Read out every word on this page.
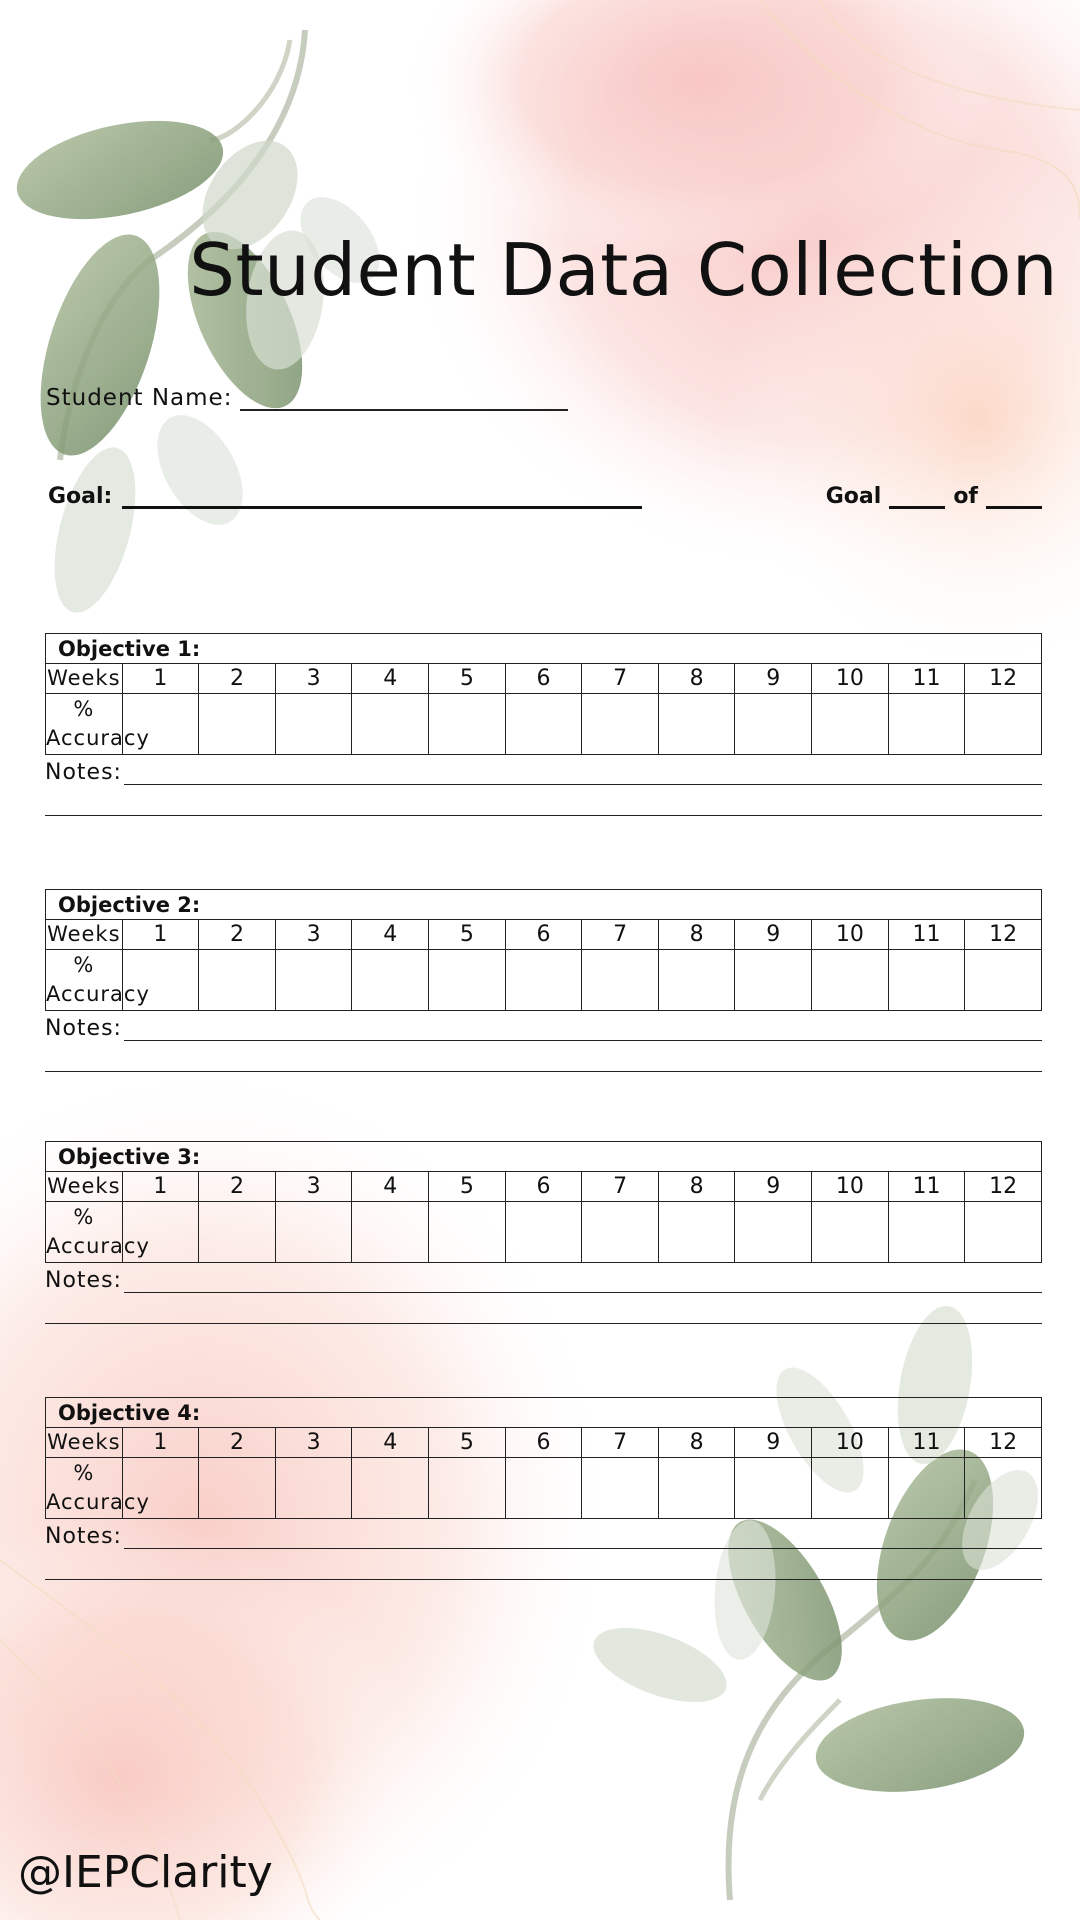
Student Data Collection
Student Name:
Goal:	Goal	of
Objective 1:												
Weeks	1	2	3	4	5	6	7	8	9	10	11	12
%
Accuracy												
Notes:
Objective 2:												
Weeks	1	2	3	4	5	6	7	8	9	10	11	12
%
Accuracy												
Notes:
Objective 3:												
Weeks	1	2	3	4	5	6	7	8	9	10	11	12
%
Accuracy												
Notes:
Objective 4:												
Weeks	1	2	3	4	5	6	7	8	9	10	11	12
%
Accuracy												
Notes:
@IEPClarity
